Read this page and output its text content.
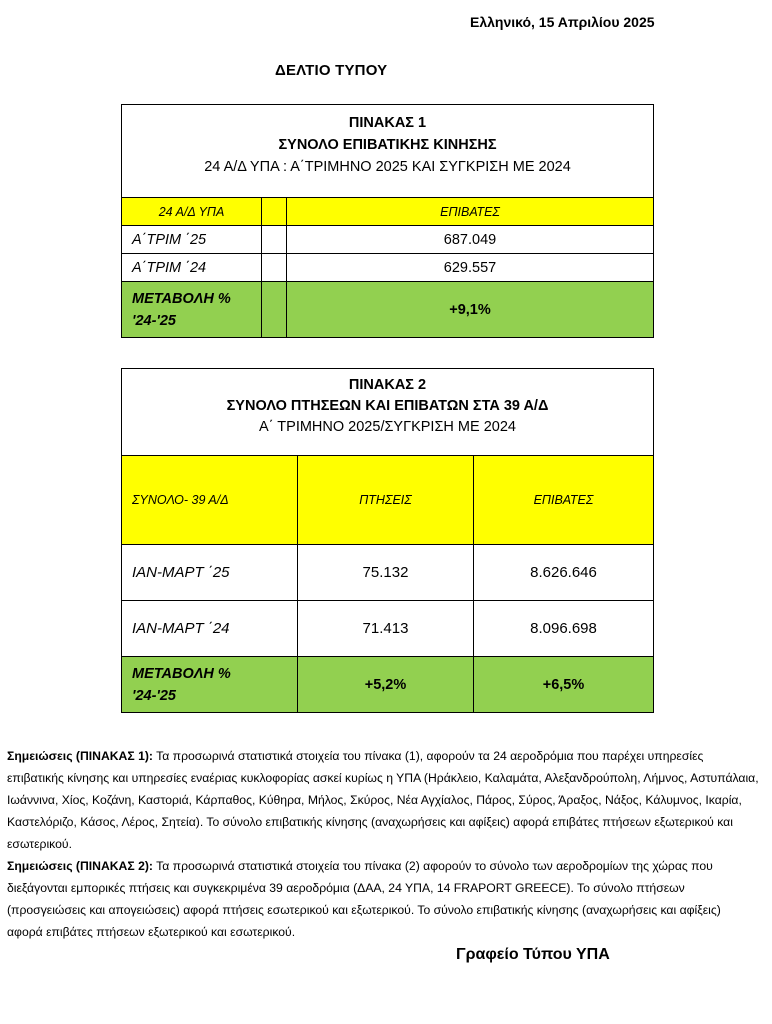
Ελληνικό, 15 Απριλίου 2025
ΔΕΛΤΙΟ ΤΥΠΟΥ
ΠΙΝΑΚΑΣ 1
ΣΥΝΟΛΟ ΕΠΙΒΑΤΙΚΗΣ ΚΙΝΗΣΗΣ
24 Α/Δ ΥΠΑ : Α΄ΤΡΙΜΗΝΟ 2025 ΚΑΙ ΣΥΓΚΡΙΣΗ ΜΕ 2024		

24 Α/Δ ΥΠΑ		ΕΠΙΒΑΤΕΣ
Α΄ΤΡΙΜ ΄25		687.049
Α΄ΤΡΙΜ ΄24		629.557

ΜΕΤΑΒΟΛΗ %
'24-'25		+9,1%
ΠΙΝΑΚΑΣ 2
ΣΥΝΟΛΟ ΠΤΗΣΕΩΝ ΚΑΙ ΕΠΙΒΑΤΩΝ ΣΤΑ 39 Α/Δ
Α΄ ΤΡΙΜΗΝΟ 2025/ΣΥΓΚΡΙΣΗ ΜΕ 2024		

ΣΥΝΟΛΟ- 39 Α/Δ	ΠΤΗΣΕΙΣ	ΕΠΙΒΑΤΕΣ
ΙΑΝ-ΜΑΡΤ ΄25	75.132	8.626.646
ΙΑΝ-ΜΑΡΤ ΄24	71.413	8.096.698

ΜΕΤΑΒΟΛΗ %
'24-'25	+5,2%	+6,5%
Σημειώσεις (ΠΙΝΑΚΑΣ 1): Τα προσωρινά στατιστικά στοιχεία του πίνακα (1), αφορούν τα 24 αεροδρόμια που παρέχει υπηρεσίες επιβατικής κίνησης και υπηρεσίες εναέριας κυκλοφορίας ασκεί κυρίως η ΥΠΑ (Ηράκλειο, Καλαμάτα, Αλεξανδρούπολη, Λήμνος, Αστυπάλαια, Ιωάννινα, Χίος, Κοζάνη, Καστοριά, Κάρπαθος, Κύθηρα, Μήλος, Σκύρος, Νέα Αγχίαλος, Πάρος, Σύρος, Άραξος, Νάξος, Κάλυμνος, Ικαρία, Καστελόριζο, Κάσος, Λέρος, Σητεία). Το σύνολο επιβατικής κίνησης (αναχωρήσεις και αφίξεις) αφορά επιβάτες πτήσεων εξωτερικού και εσωτερικού.
Σημειώσεις (ΠΙΝΑΚΑΣ 2): Τα προσωρινά στατιστικά στοιχεία του πίνακα (2) αφορούν το σύνολο των αεροδρομίων της χώρας που διεξάγονται εμπορικές πτήσεις και συγκεκριμένα 39 αεροδρόμια (ΔΑΑ, 24 ΥΠΑ, 14 FRAPORT GREECE). Το σύνολο πτήσεων (προσγειώσεις και απογειώσεις) αφορά πτήσεις εσωτερικού και εξωτερικού. Το σύνολο επιβατικής κίνησης (αναχωρήσεις και αφίξεις) αφορά επιβάτες πτήσεων εξωτερικού και εσωτερικού.
Γραφείο Τύπου ΥΠΑ
